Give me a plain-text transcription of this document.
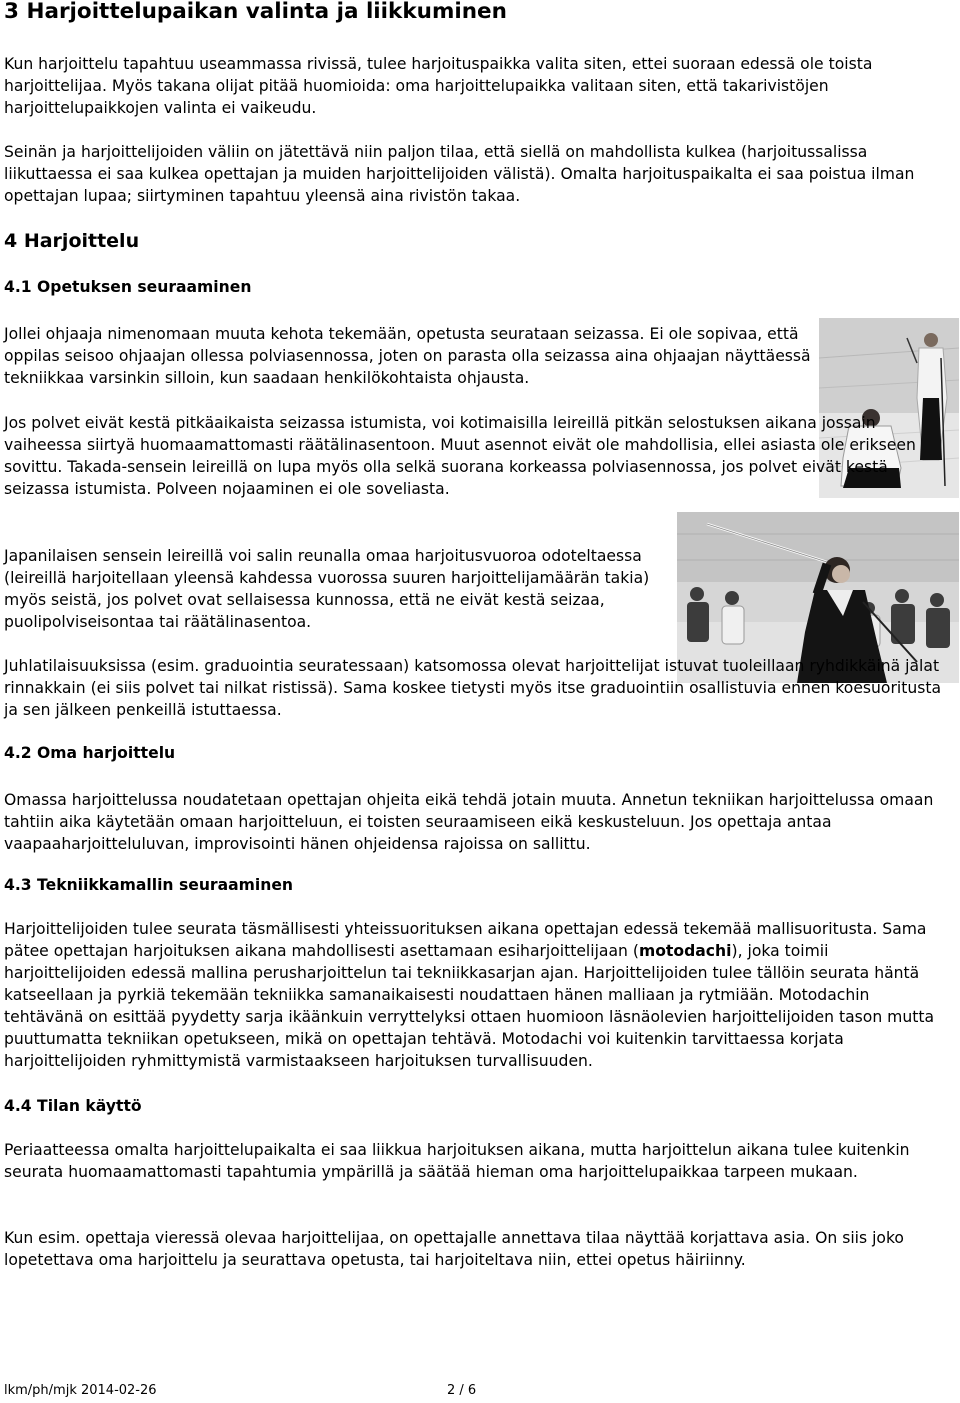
3 Harjoittelupaikan valinta ja liikkuminen

Kun harjoittelu tapahtuu useammassa rivissä, tulee harjoituspaikka valita siten, ettei suoraan edessä ole toista harjoittelijaa. Myös takana olijat pitää huomioida: oma harjoittelupaikka valitaan siten, että takarivistöjen harjoittelupaikkojen valinta ei vaikeudu.

Seinän ja harjoittelijoiden väliin on jätettävä niin paljon tilaa, että siellä on mahdollista kulkea (harjoitussalissa liikuttaessa ei saa kulkea opettajan ja muiden harjoittelijoiden välistä). Omalta harjoituspaikalta ei saa poistua ilman opettajan lupaa; siirtyminen tapahtuu yleensä aina rivistön takaa.

4 Harjoittelu
4.1 Opetuksen seuraaminen

Jollei ohjaaja nimenomaan muuta kehota tekemään, opetusta seurataan seizassa. Ei ole sopivaa, että oppilas seisoo ohjaajan ollessa polviasennossa, joten on parasta olla seizassa aina ohjaajan näyttäessä tekniikkaa varsinkin silloin, kun saadaan henkilökohtaista ohjausta.

Jos polvet eivät kestä pitkäaikaista seizassa istumista, voi kotimaisilla leireillä pitkän selostuksen aikana jossain vaiheessa siirtyä huomaamattomasti räätälinasentoon. Muut asennot eivät ole mahdollisia, ellei asiasta ole erikseen sovittu. Takada-sensein leireillä on lupa myös olla selkä suorana korkeassa polviasennossa, jos polvet eivät kestä seizassa istumista. Polveen nojaaminen ei ole soveliasta.

Japanilaisen sensein leireillä voi salin reunalla omaa harjoitusvuoroa odoteltaessa (leireillä harjoitellaan yleensä kahdessa vuorossa suuren harjoittelijamäärän takia) myös seistä, jos polvet ovat sellaisessa kunnossa, että ne eivät kestä seizaa, puolipolviseisontaa tai räätälinasentoa.

Juhlatilaisuuksissa (esim. graduointia seuratessaan) katsomossa olevat harjoittelijat istuvat tuoleillaan ryhdikkäinä jalat rinnakkain (ei siis polvet tai nilkat ristissä). Sama koskee tietysti myös itse graduointiin osallistuvia ennen koesuoritusta ja sen jälkeen penkeillä istuttaessa.

4.2 Oma harjoittelu

Omassa harjoittelussa noudatetaan opettajan ohjeita eikä tehdä jotain muuta. Annetun tekniikan harjoittelussa omaan tahtiin aika käytetään omaan harjoitteluun, ei toisten seuraamiseen eikä keskusteluun. Jos opettaja antaa vaapaaharjoitteluluvan, improvisointi hänen ohjeidensa rajoissa on sallittu.

4.3 Tekniikkamallin seuraaminen

Harjoittelijoiden tulee seurata täsmällisesti yhteissuorituksen aikana opettajan edessä tekemää mallisuoritusta. Sama pätee opettajan harjoituksen aikana mahdollisesti asettamaan esiharjoittelijaan (motodachi), joka toimii harjoittelijoiden edessä mallina perusharjoittelun tai tekniikkasarjan ajan. Harjoittelijoiden tulee tällöin seurata häntä katseellaan ja pyrkiä tekemään tekniikka samanaikaisesti noudattaen hänen malliaan ja rytmiään. Motodachin tehtävänä on esittää pyydetty sarja ikäänkuin verryttelyksi ottaen huomioon läsnäolevien harjoittelijoiden tason mutta puuttumatta tekniikan opetukseen, mikä on opettajan tehtävä. Motodachi voi kuitenkin tarvittaessa korjata harjoittelijoiden ryhmittymistä varmistaakseen harjoituksen turvallisuuden.

4.4 Tilan käyttö

Periaatteessa omalta harjoittelupaikalta ei saa liikkua harjoituksen aikana, mutta harjoittelun aikana tulee kuitenkin seurata huomaamattomasti tapahtumia ympärillä ja säätää hieman oma harjoittelupaikkaa tarpeen mukaan.

Kun esim. opettaja vieressä olevaa harjoittelijaa, on opettajalle annettava tilaa näyttää korjattava asia. On siis joko lopetettava oma harjoittelu ja seurattava opetusta, tai harjoiteltava niin, ettei opetus häiriinny.

lkm/ph/mjk 2014-02-26	2 / 6
